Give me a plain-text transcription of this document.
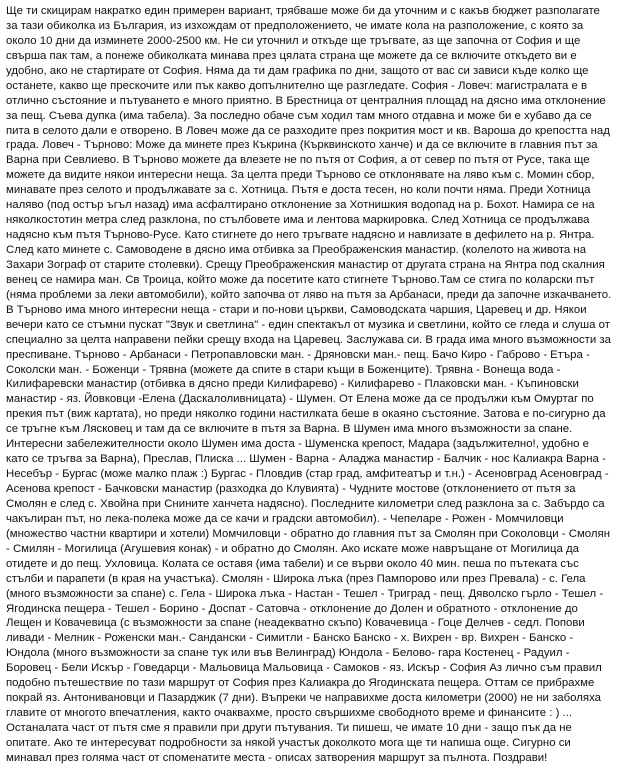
Ще ти скицирам накратко един примерен вариант, трябваше може би да уточним и с какъв бюджет разполагате за тази обиколка из България, из изхождам от предположението, че имате кола на разположение, с която за около 10 дни да изминете 2000-2500 км. Не си уточнил и откъде ще тръгвате, аз ще започна от София и ще свърша пак там, а понеже обиколката минава през цялата страна ще можете да се включите откъдето ви е удобно, ако не стартирате от София. Няма да ти дам графика по дни, защото от вас си зависи къде колко ще останете, какво ще прескочите или пък какво допълнително ще разгледате. София - Ловеч: магистралата е в отлично състояние и пътуването е много приятно. В Брестница от централния площад на дясно има отклонение за пещ. Съева дупка (има табела). За последно обаче съм ходил там много отдавна и може би е хубаво да се пита в селото дали е отворено. В Ловеч може да се разходите през покрития мост и кв. Вароша до крепостта над града. Ловеч - Търново: Може да минете през Къкрина (Кърквинското ханче) и да се включите в главния път за Варна при Севлиево. В Търново можете да влезете не по пътя от София, а от север по пътя от Русе, така ще можете да видите някои интересни неща. За целта преди Търново се отклонявате на ляво към с. Момин сбор, минавате през селото и продължавате за с. Хотница. Пътя е доста тесен, но коли почти няма. Преди Хотница наляво (под остър ъгъл назад) има асфалтирано отклонение за Хотнишкия водопад на р. Бохот. Намира се на няколкостотин метра след разклона, по стълбовете има и лентова маркировка. След Хотница се продължава надясно към пътя Търново-Русе. Като стигнете до него тръгвате надясно и навлизате в дефилето на р. Янтра. След като минете с. Самоводене в дясно има отбивка за Преображенския манастир. (колелото на живота на Захари Зограф от старите столевки). Срещу Преображенския манастир от другата страна на Янтра под скалния венец се намира ман. Св Троица, който може да посетите като стигнете Търново.Там се стига по коларски път (няма проблеми за леки автомобили), който започва от ляво на пътя за Арбанаси, преди да започне изкачването. В Търново има много интересни неща - стари и по-нови църкви, Самоводската чаршия, Царевец и др. Някои вечери като се стъмни пускат "Звук и светлина" - един спектакъл от музика и светлини, който се гледа и слуша от специално за целта направени пейки срещу входа на Царевец. Заслужава си. В града има много възможности за преспиване. Търново - Арбанаси - Петропавловски ман. - Дряновски ман.- пещ. Бачо Киро - Габрово - Етъра - Соколски ман. - Боженци - Трявна (можете да спите в стари къщи в Боженците). Трявна - Вонеща вода - Килифаревски манастир (отбивка в дясно преди Килифарево) - Килифарево - Плаковски ман. - Къпиновски манастир - яз. Йовковци -Елена (Даскалоливницата) - Шумен. От Елена може да се продължи към Омуртаг по прекия път (виж картата), но преди няколко години настилката беше в окаяно състояние. Затова е по-сигурно да се тръгне към Лясковец и там да се включите в пътя за Варна. В Шумен има много възможности за спане. Интересни забележителности около Шумен има доста - Шуменска крепост, Мадара (задължително!, удобно е като се тръгва за Варна), Преслав, Плиска ... Шумен - Варна - Аладжа манастир - Балчик - нос Калиакра Варна - Несебър - Бургас (може малко плаж :) Бургас - Пловдив (стар град, амфитеатър и т.н.) - Асеновград Асеновград - Асенова крепост - Бачковски манастир (разходка до Клувията) - Чудните мостове (отклонението от пътя за Смолян е след с. Хвойна при Снините ханчета надясно). Последните километри след разклона за с. Забърдо са чакълиран път, но лека-полека може да се качи и градски автомобил). - Чепеларе - Рожен - Момчиловци (множество частни квартири и хотели) Момчиловци - обратно до главния път за Смолян при Соколовци - Смолян - Смилян - Могилица (Агушевия конак) - и обратно до Смолян. Ако искате може навръщане от Могилица да отидете и до пещ. Ухловица. Колата се оставя (има табели) и се върви около 40 мин. пеша по пътеката със стълби и парапети (в края на участъка). Смолян - Широка лъка (през Пампорово или през Превала) - с. Гела (много възможности за спане) с. Гела - Широка лъка - Настан - Тешел - Триград - пещ. Дяволско гърло - Тешел - Ягодинска пещера - Тешел - Борино - Доспат - Сатовча - отклонение до Долен и обратното - отклонение до Лещен и Ковачевица (с възможности за спане (неадекватно скъпо) Ковачевица - Гоце Делчев - седл. Попови ливади - Мелник - Роженски ман.- Сандански - Симитли - Банско Банско - х. Вихрен - вр. Вихрен - Банско - Юндола (много възможности за спане тук или във Велинград) Юндола - Белово- гара Костенец - Радуил - Боровец - Бели Искър - Говедарци - Мальовица Мальовица - Самоков - яз. Искър - София Аз личнo съм правил подобно пътешествие по тази маршрут от София през Калиакра до Ягодинската пещера. Оттам се прибрахме покрай яз. Антонивановци и Пазарджик (7 дни). Въпреки че направихме доста километри (2000) не ни заболяха главите от многото впечатления, както очаквахме, просто свършихме свободното време и финансите : ) ... Останалата част от пътя сме я правили при други пътувания. Ти пишеш, че имате 10 дни - защо пък да не опитате. Ако те интересуват подробности за някой участък доколкото мога ще ти напиша още. Сигурно си минавал през голяма част от споменатите места - описах затворения маршрут за пълнота. Поздрави!
